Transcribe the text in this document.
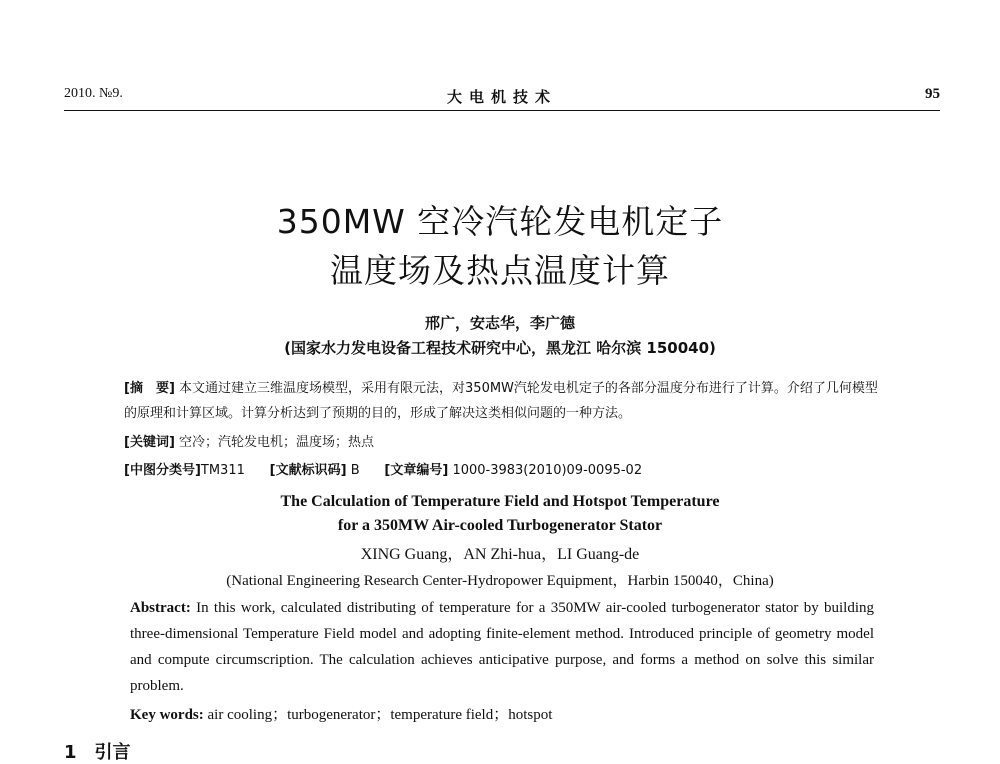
2010. №9.	大电机技术	95
350MW 空冷汽轮发电机定子
温度场及热点温度计算
邢广，安志华，李广德
(国家水力发电设备工程技术研究中心，黑龙江 哈尔滨 150040)
[摘　要] 本文通过建立三维温度场模型，采用有限元法，对350MW汽轮发电机定子的各部分温度分布进行了计算。介绍了几何模型的原理和计算区域。计算分析达到了预期的目的，形成了解决这类相似问题的一种方法。
[关键词] 空冷；汽轮发电机；温度场；热点
[中图分类号]TM311 [文献标识码] B [文章编号] 1000-3983(2010)09-0095-02
The Calculation of Temperature Field and Hotspot Temperature
for a 350MW Air-cooled Turbogenerator Stator
XING Guang，AN Zhi-hua，LI Guang-de
(National Engineering Research Center-Hydropower Equipment，Harbin 150040，China)
Abstract: In this work, calculated distributing of temperature for a 350MW air-cooled turbogenerator stator by building three-dimensional Temperature Field model and adopting finite-element method. Introduced principle of geometry model and compute circumscription. The calculation achieves anticipative purpose, and forms a method on solve this similar problem.
Key words: air cooling；turbogenerator；temperature field；hotspot
1 引言
